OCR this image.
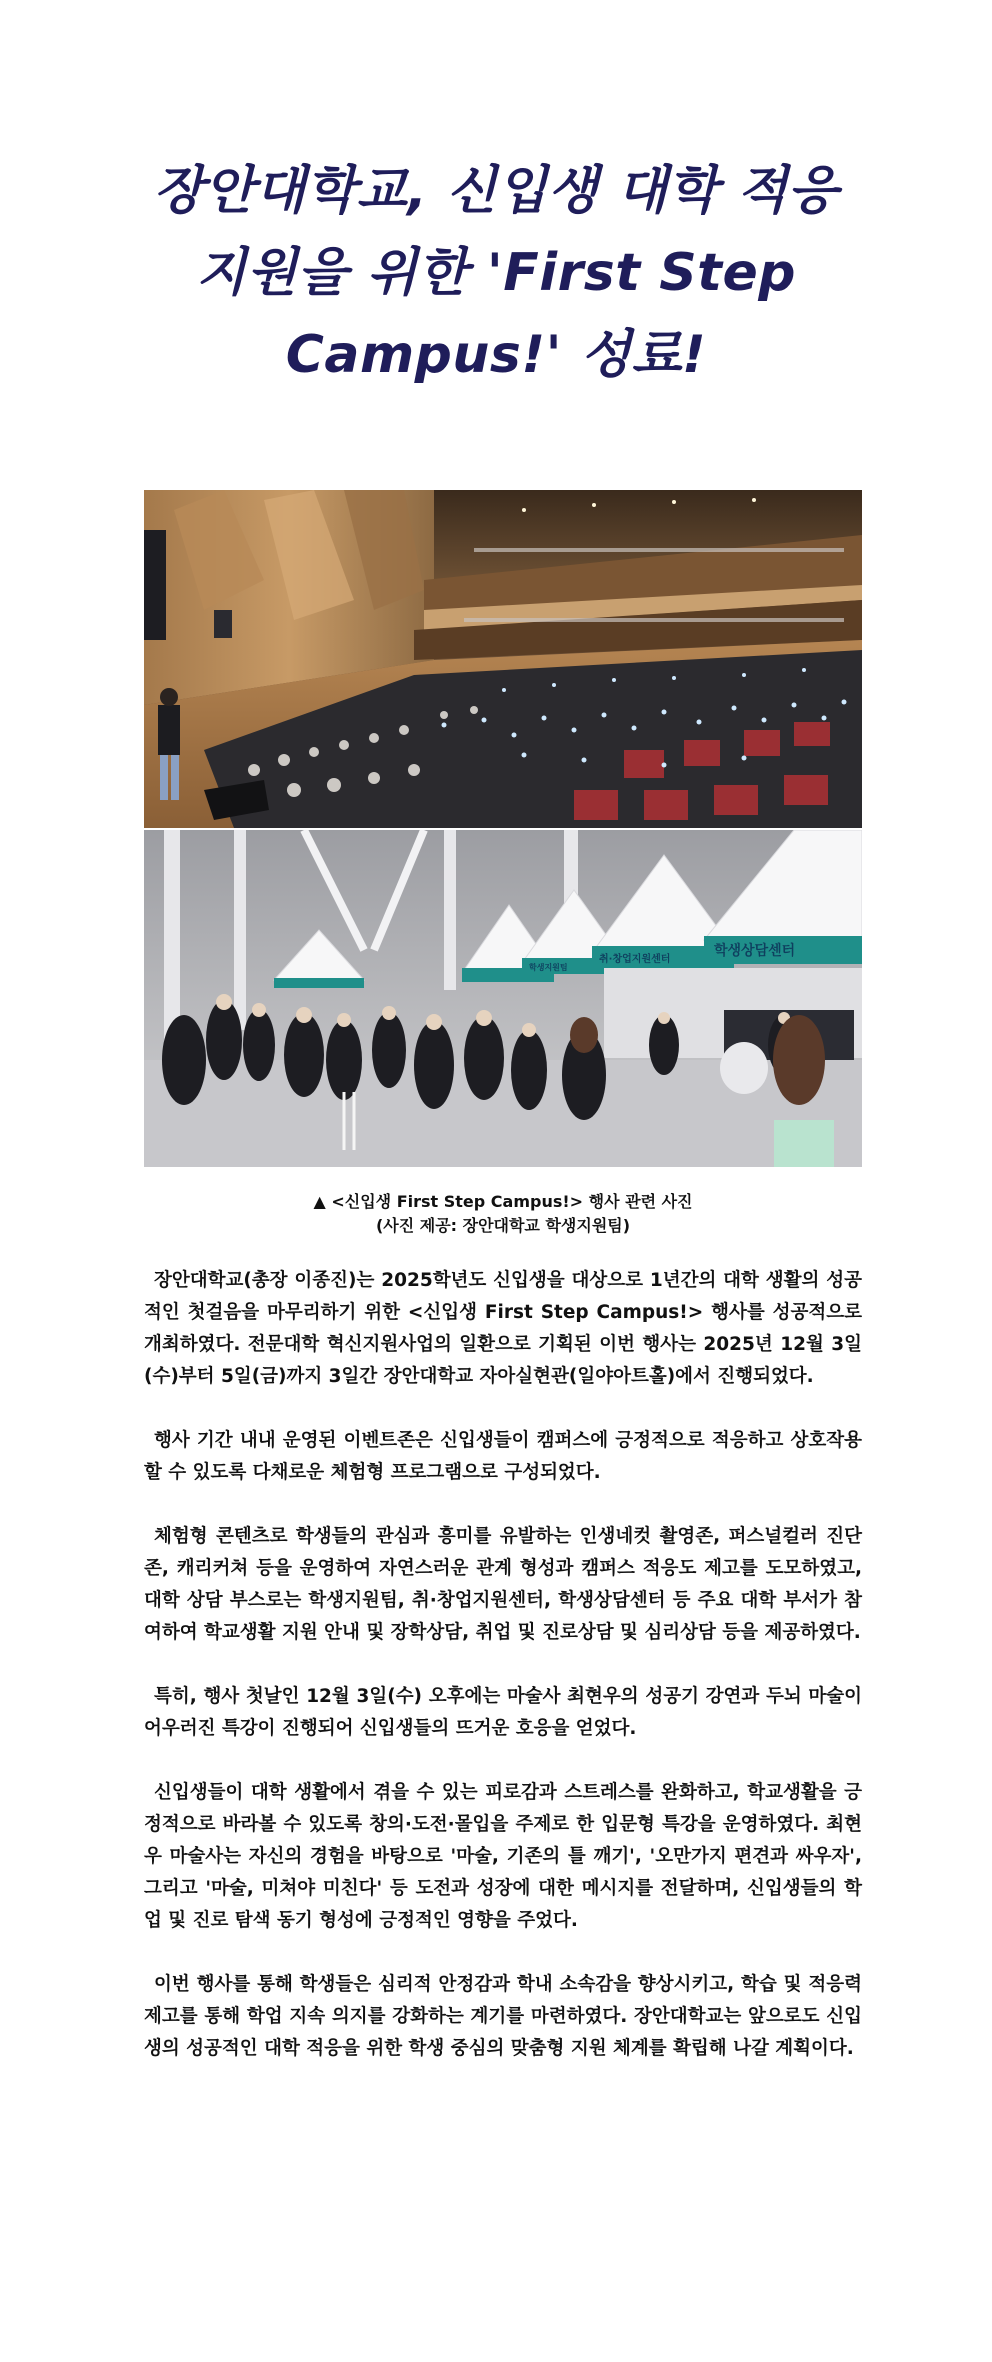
장안대학교, 신입생 대학 적응
지원을 위한 'First Step
Campus!' 성료!
학생상담센터
취·창업지원센터
학생지원팀
▲ <신입생 First Step Campus!> 행사 관련 사진
(사진 제공: 장안대학교 학생지원팀)

장안대학교(총장 이종진)는 2025학년도 신입생을 대상으로 1년간의 대학 생활의 성공적인 첫걸음을 마무리하기 위한 <신입생 First Step Campus!> 행사를 성공적으로 개최하였다. 전문대학 혁신지원사업의 일환으로 기획된 이번 행사는 2025년 12월 3일(수)부터 5일(금)까지 3일간 장안대학교 자아실현관(일야아트홀)에서 진행되었다.

행사 기간 내내 운영된 이벤트존은 신입생들이 캠퍼스에 긍정적으로 적응하고 상호작용할 수 있도록 다채로운 체험형 프로그램으로 구성되었다.

체험형 콘텐츠로 학생들의 관심과 흥미를 유발하는 인생네컷 촬영존, 퍼스널컬러 진단존, 캐리커쳐 등을 운영하여 자연스러운 관계 형성과 캠퍼스 적응도 제고를 도모하였고, 대학 상담 부스로는 학생지원팀, 취·창업지원센터, 학생상담센터 등 주요 대학 부서가 참여하여 학교생활 지원 안내 및 장학상담, 취업 및 진로상담 및 심리상담 등을 제공하였다.

특히, 행사 첫날인 12월 3일(수) 오후에는 마술사 최현우의 성공기 강연과 두뇌 마술이 어우러진 특강이 진행되어 신입생들의 뜨거운 호응을 얻었다.

신입생들이 대학 생활에서 겪을 수 있는 피로감과 스트레스를 완화하고, 학교생활을 긍정적으로 바라볼 수 있도록 창의·도전·몰입을 주제로 한 입문형 특강을 운영하였다. 최현우 마술사는 자신의 경험을 바탕으로 '마술, 기존의 틀 깨기', '오만가지 편견과 싸우자', 그리고 '마술, 미쳐야 미친다' 등 도전과 성장에 대한 메시지를 전달하며, 신입생들의 학업 및 진로 탐색 동기 형성에 긍정적인 영향을 주었다.

이번 행사를 통해 학생들은 심리적 안정감과 학내 소속감을 향상시키고, 학습 및 적응력 제고를 통해 학업 지속 의지를 강화하는 계기를 마련하였다. 장안대학교는 앞으로도 신입생의 성공적인 대학 적응을 위한 학생 중심의 맞춤형 지원 체계를 확립해 나갈 계획이다.
